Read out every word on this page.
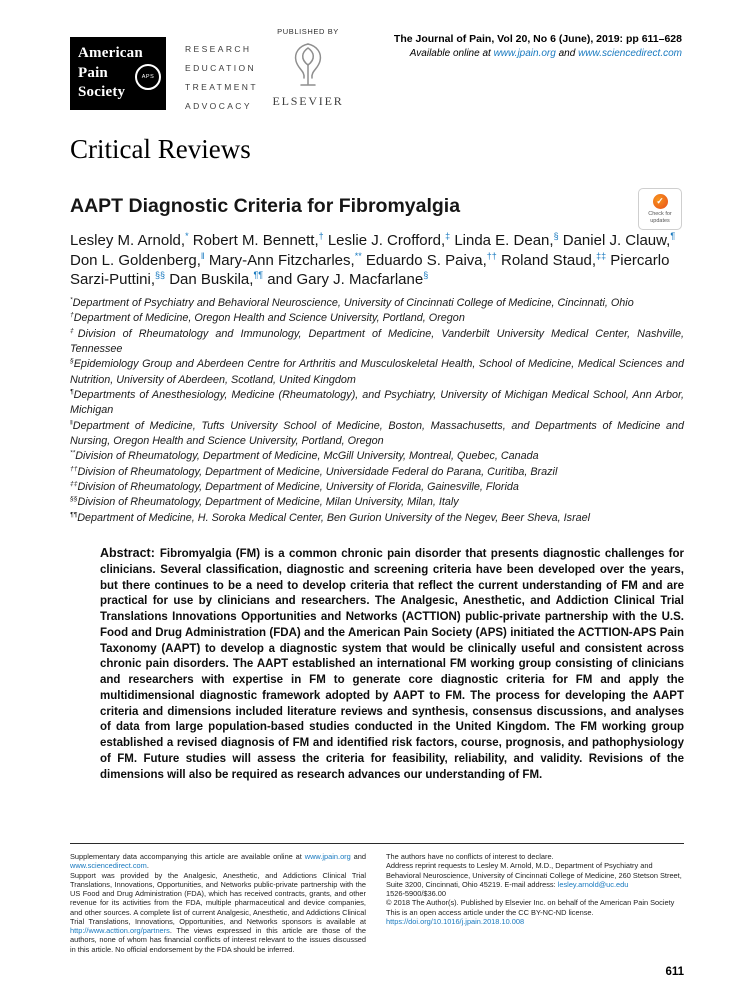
American
Pain
Society
APS
RESEARCH
EDUCATION
TREATMENT
ADVOCACY
PUBLISHED BY
ELSEVIER
The Journal of Pain, Vol 20, No 6 (June), 2019: pp 611–628
Available online at www.jpain.org and www.sciencedirect.com
Critical Reviews
AAPT Diagnostic Criteria for Fibromyalgia	✓
Check for updates

Lesley M. Arnold,* Robert M. Bennett,† Leslie J. Crofford,‡ Linda E. Dean,§ Daniel J. Clauw,¶ Don L. Goldenberg,‖ Mary-Ann Fitzcharles,** Eduardo S. Paiva,†† Roland Staud,‡‡ Piercarlo Sarzi-Puttini,§§ Dan Buskila,¶¶ and Gary J. Macfarlane§

*Department of Psychiatry and Behavioral Neuroscience, University of Cincinnati College of Medicine, Cincinnati, Ohio
†Department of Medicine, Oregon Health and Science University, Portland, Oregon
‡Division of Rheumatology and Immunology, Department of Medicine, Vanderbilt University Medical Center, Nashville, Tennessee
§Epidemiology Group and Aberdeen Centre for Arthritis and Musculoskeletal Health, School of Medicine, Medical Sciences and Nutrition, University of Aberdeen, Scotland, United Kingdom
¶Departments of Anesthesiology, Medicine (Rheumatology), and Psychiatry, University of Michigan Medical School, Ann Arbor, Michigan
‖Department of Medicine, Tufts University School of Medicine, Boston, Massachusetts, and Departments of Medicine and Nursing, Oregon Health and Science University, Portland, Oregon
**Division of Rheumatology, Department of Medicine, McGill University, Montreal, Quebec, Canada
††Division of Rheumatology, Department of Medicine, Universidade Federal do Parana, Curitiba, Brazil
‡‡Division of Rheumatology, Department of Medicine, University of Florida, Gainesville, Florida
§§Division of Rheumatology, Department of Medicine, Milan University, Milan, Italy
¶¶Department of Medicine, H. Soroka Medical Center, Ben Gurion University of the Negev, Beer Sheva, Israel

Abstract: Fibromyalgia (FM) is a common chronic pain disorder that presents diagnostic challenges for clinicians. Several classification, diagnostic and screening criteria have been developed over the years, but there continues to be a need to develop criteria that reflect the current understanding of FM and are practical for use by clinicians and researchers. The Analgesic, Anesthetic, and Addiction Clinical Trial Translations Innovations Opportunities and Networks (ACTTION) public-private partnership with the U.S. Food and Drug Administration (FDA) and the American Pain Society (APS) initiated the ACTTION-APS Pain Taxonomy (AAPT) to develop a diagnostic system that would be clinically useful and consistent across chronic pain disorders. The AAPT established an international FM working group consisting of clinicians and researchers with expertise in FM to generate core diagnostic criteria for FM and apply the multidimensional diagnostic framework adopted by AAPT to FM. The process for developing the AAPT criteria and dimensions included literature reviews and synthesis, consensus discussions, and analyses of data from large population-based studies conducted in the United Kingdom. The FM working group established a revised diagnosis of FM and identified risk factors, course, prognosis, and pathophysiology of FM. Future studies will assess the criteria for feasibility, reliability, and validity. Revisions of the dimensions will also be required as research advances our understanding of FM.

Supplementary data accompanying this article are available online at www.jpain.org and www.sciencedirect.com.

Support was provided by the Analgesic, Anesthetic, and Addictions Clinical Trial Translations, Innovations, Opportunities, and Networks public-private partnership with the US Food and Drug Administration (FDA), which has received contracts, grants, and other revenue for its activities from the FDA, multiple pharmaceutical and device companies, and other sources. A complete list of current Analgesic, Anesthetic, and Addictions Clinical Trial Translations, Innovations, Opportunities, and Networks sponsors is available at http://www.acttion.org/partners. The views expressed in this article are those of the authors, none of whom has financial conflicts of interest relevant to the issues discussed in this article. No official endorsement by the FDA should be inferred.

The authors have no conflicts of interest to declare.

Address reprint requests to Lesley M. Arnold, M.D., Department of Psychiatry and Behavioral Neuroscience, University of Cincinnati College of Medicine, 260 Stetson Street, Suite 3200, Cincinnati, Ohio 45219. E-mail address: lesley.arnold@uc.edu

1526-5900/$36.00

© 2018 The Author(s). Published by Elsevier Inc. on behalf of the American Pain Society This is an open access article under the CC BY-NC-ND license.

https://doi.org/10.1016/j.jpain.2018.10.008

611
